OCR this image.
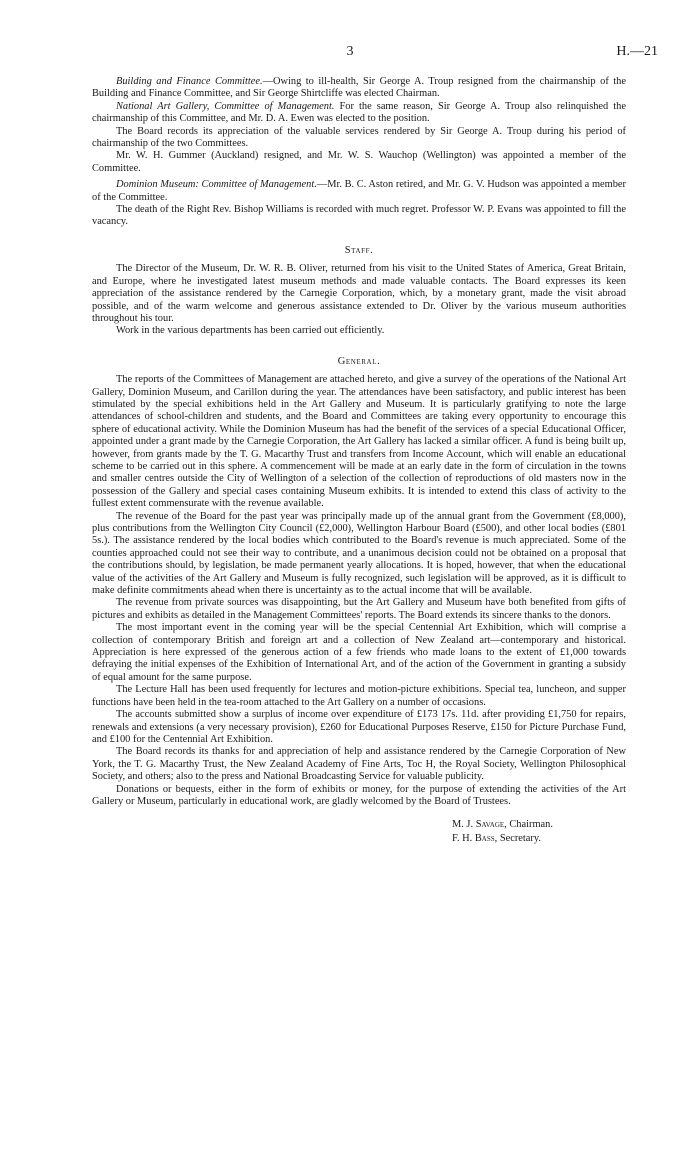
3	H.—21

Building and Finance Committee.—Owing to ill-health, Sir George A. Troup resigned from the chairmanship of the Building and Finance Committee, and Sir George Shirtcliffe was elected Chairman.

National Art Gallery, Committee of Management. For the same reason, Sir George A. Troup also relinquished the chairmanship of this Committee, and Mr. D. A. Ewen was elected to the position.

The Board records its appreciation of the valuable services rendered by Sir George A. Troup during his period of chairmanship of the two Committees.

Mr. W. H. Gummer (Auckland) resigned, and Mr. W. S. Wauchop (Wellington) was appointed a member of the Committee.

Dominion Museum: Committee of Management.—Mr. B. C. Aston retired, and Mr. G. V. Hudson was appointed a member of the Committee.

The death of the Right Rev. Bishop Williams is recorded with much regret. Professor W. P. Evans was appointed to fill the vacancy.

Staff.

The Director of the Museum, Dr. W. R. B. Oliver, returned from his visit to the United States of America, Great Britain, and Europe, where he investigated latest museum methods and made valuable contacts. The Board expresses its keen appreciation of the assistance rendered by the Carnegie Corporation, which, by a monetary grant, made the visit abroad possible, and of the warm welcome and generous assistance extended to Dr. Oliver by the various museum authorities throughout his tour.

Work in the various departments has been carried out efficiently.

General.

The reports of the Committees of Management are attached hereto, and give a survey of the operations of the National Art Gallery, Dominion Museum, and Carillon during the year. The attendances have been satisfactory, and public interest has been stimulated by the special exhibitions held in the Art Gallery and Museum. It is particularly gratifying to note the large attendances of school-children and students, and the Board and Committees are taking every opportunity to encourage this sphere of educational activity. While the Dominion Museum has had the benefit of the services of a special Educational Officer, appointed under a grant made by the Carnegie Corporation, the Art Gallery has lacked a similar officer. A fund is being built up, however, from grants made by the T. G. Macarthy Trust and transfers from Income Account, which will enable an educational scheme to be carried out in this sphere. A commencement will be made at an early date in the form of circulation in the towns and smaller centres outside the City of Wellington of a selection of the collection of reproductions of old masters now in the possession of the Gallery and special cases containing Museum exhibits. It is intended to extend this class of activity to the fullest extent commensurate with the revenue available.

The revenue of the Board for the past year was principally made up of the annual grant from the Government (£8,000), plus contributions from the Wellington City Council (£2,000), Wellington Harbour Board (£500), and other local bodies (£801 5s.). The assistance rendered by the local bodies which contributed to the Board's revenue is much appreciated. Some of the counties approached could not see their way to contribute, and a unanimous decision could not be obtained on a proposal that the contributions should, by legislation, be made permanent yearly allocations. It is hoped, however, that when the educational value of the activities of the Art Gallery and Museum is fully recognized, such legislation will be approved, as it is difficult to make definite commitments ahead when there is uncertainty as to the actual income that will be available.

The revenue from private sources was disappointing, but the Art Gallery and Museum have both benefited from gifts of pictures and exhibits as detailed in the Management Committees' reports. The Board extends its sincere thanks to the donors.

The most important event in the coming year will be the special Centennial Art Exhibition, which will comprise a collection of contemporary British and foreign art and a collection of New Zealand art—contemporary and historical. Appreciation is here expressed of the generous action of a few friends who made loans to the extent of £1,000 towards defraying the initial expenses of the Exhibition of International Art, and of the action of the Government in granting a subsidy of equal amount for the same purpose.

The Lecture Hall has been used frequently for lectures and motion-picture exhibitions. Special tea, luncheon, and supper functions have been held in the tea-room attached to the Art Gallery on a number of occasions.

The accounts submitted show a surplus of income over expenditure of £173 17s. 11d. after providing £1,750 for repairs, renewals and extensions (a very necessary provision), £260 for Educational Purposes Reserve, £150 for Picture Purchase Fund, and £100 for the Centennial Art Exhibition.

The Board records its thanks for and appreciation of help and assistance rendered by the Carnegie Corporation of New York, the T. G. Macarthy Trust, the New Zealand Academy of Fine Arts, Toc H, the Royal Society, Wellington Philosophical Society, and others; also to the press and National Broadcasting Service for valuable publicity.

Donations or bequests, either in the form of exhibits or money, for the purpose of extending the activities of the Art Gallery or Museum, particularly in educational work, are gladly welcomed by the Board of Trustees.

M. J. Savage, Chairman.
F. H. Bass, Secretary.
